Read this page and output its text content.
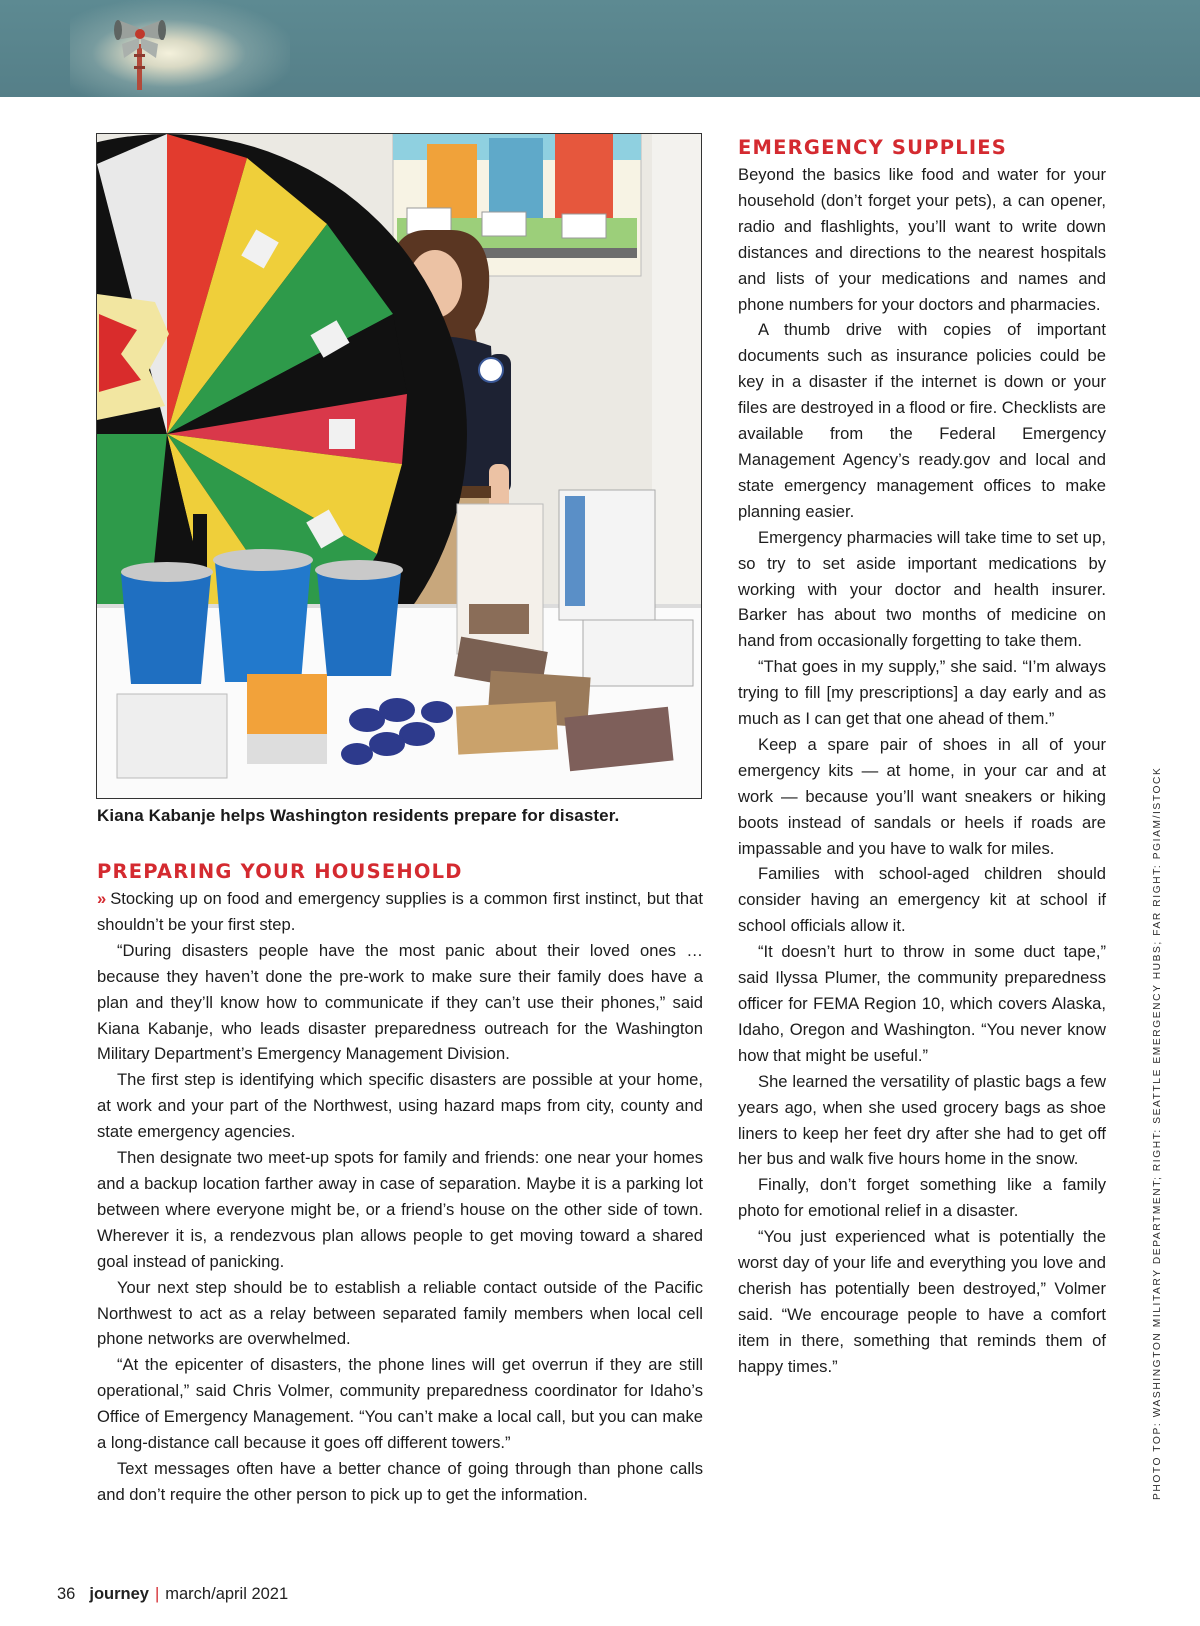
Kiana Kabanje helps Washington residents prepare for disaster.
PREPARING YOUR HOUSEHOLD

» Stocking up on food and emergency supplies is a common first instinct, but that shouldn’t be your first step.

“During disasters people have the most panic about their loved ones … because they haven’t done the pre-work to make sure their family does have a plan and they’ll know how to communicate if they can’t use their phones,” said Kiana Kabanje, who leads disaster preparedness outreach for the Washington Military Department’s Emergency Management Division.

The first step is identifying which specific disasters are possible at your home, at work and your part of the Northwest, using hazard maps from city, county and state emergency agencies.

Then designate two meet-up spots for family and friends: one near your homes and a backup location farther away in case of separation. Maybe it is a parking lot between where everyone might be, or a friend’s house on the other side of town. Wherever it is, a rendezvous plan allows people to get moving toward a shared goal instead of panicking.

Your next step should be to establish a reliable contact outside of the Pacific Northwest to act as a relay between separated family members when local cell phone networks are overwhelmed.

“At the epicenter of disasters, the phone lines will get overrun if they are still operational,” said Chris Volmer, community preparedness coordinator for Idaho’s Office of Emergency Management. “You can’t make a local call, but you can make a long-distance call because it goes off different towers.”

Text messages often have a better chance of going through than phone calls and don’t require the other person to pick up to get the information.

EMERGENCY SUPPLIES

Beyond the basics like food and water for your household (don’t forget your pets), a can opener, radio and flashlights, you’ll want to write down distances and directions to the nearest hospitals and lists of your medications and names and phone numbers for your doctors and pharmacies.

A thumb drive with copies of important documents such as insurance policies could be key in a disaster if the internet is down or your files are destroyed in a flood or fire. Checklists are available from the Federal Emergency Management Agency’s ready.gov and local and state emergency management offices to make planning easier.

Emergency pharmacies will take time to set up, so try to set aside important medications by working with your doctor and health insurer. Barker has about two months of medicine on hand from occasionally forgetting to take them.

“That goes in my supply,” she said. “I’m always trying to fill [my prescriptions] a day early and as much as I can get that one ahead of them.”

Keep a spare pair of shoes in all of your emergency kits — at home, in your car and at work — because you’ll want sneakers or hiking boots instead of sandals or heels if roads are impassable and you have to walk for miles.

Families with school-aged children should consider having an emergency kit at school if school officials allow it.

“It doesn’t hurt to throw in some duct tape,” said Ilyssa Plumer, the community preparedness officer for FEMA Region 10, which covers Alaska, Idaho, Oregon and Washington. “You never know how that might be useful.”

She learned the versatility of plastic bags a few years ago, when she used grocery bags as shoe liners to keep her feet dry after she had to get off her bus and walk five hours home in the snow.

Finally, don’t forget something like a family photo for emotional relief in a disaster.

“You just experienced what is potentially the worst day of your life and everything you love and cherish has potentially been destroyed,” Volmer said. “We encourage people to have a comfort item in there, something that reminds them of happy times.”	PHOTO TOP: WASHINGTON MILITARY DEPARTMENT; RIGHT: SEATTLE EMERGENCY HUBS; FAR RIGHT: PGIAM/ISTOCK
36 journey | march/april 2021
